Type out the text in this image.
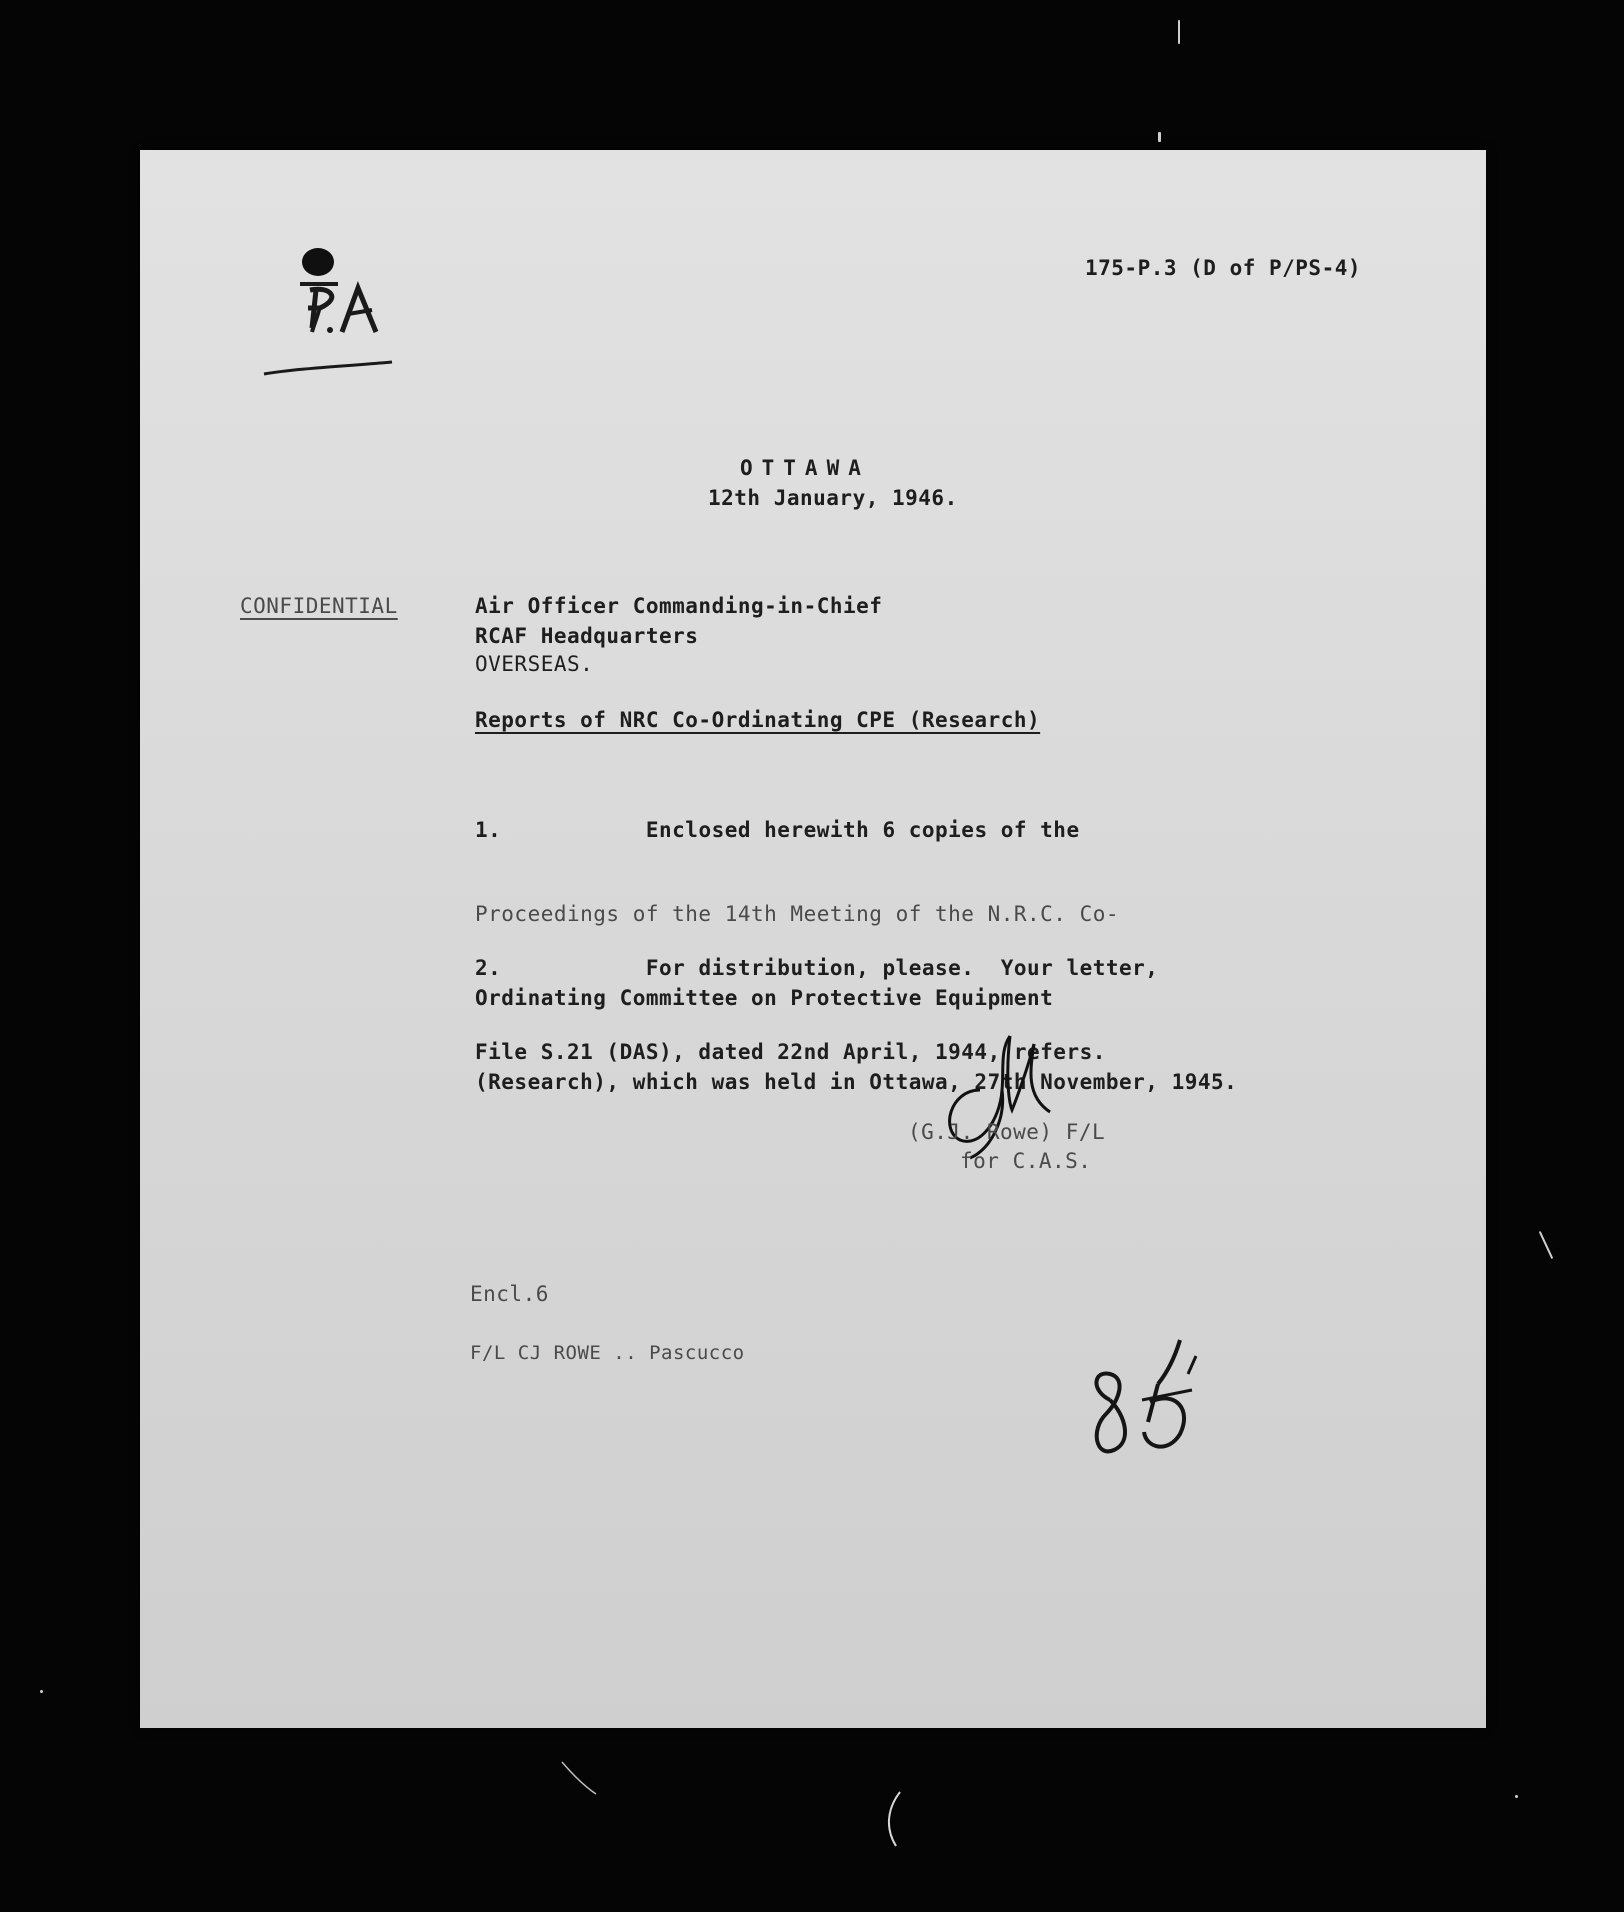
175-P.3 (D of P/PS-4)
OTTAWA
12th January, 1946.
CONFIDENTIAL	Air Officer Commanding-in-Chief
RCAF Headquarters
OVERSEAS.
Reports of NRC Co-Ordinating CPE (Research)

1.           Enclosed herewith 6 copies of the

Proceedings of the 14th Meeting of the N.R.C. Co-

Ordinating Committee on Protective Equipment

(Research), which was held in Ottawa, 27th November, 1945.

2.           For distribution, please.  Your letter,

File S.21 (DAS), dated 22nd April, 1944, refers.

(G.J. Rowe) F/L
for C.A.S.
Encl.6
F/L CJ ROWE .. Pascucco
